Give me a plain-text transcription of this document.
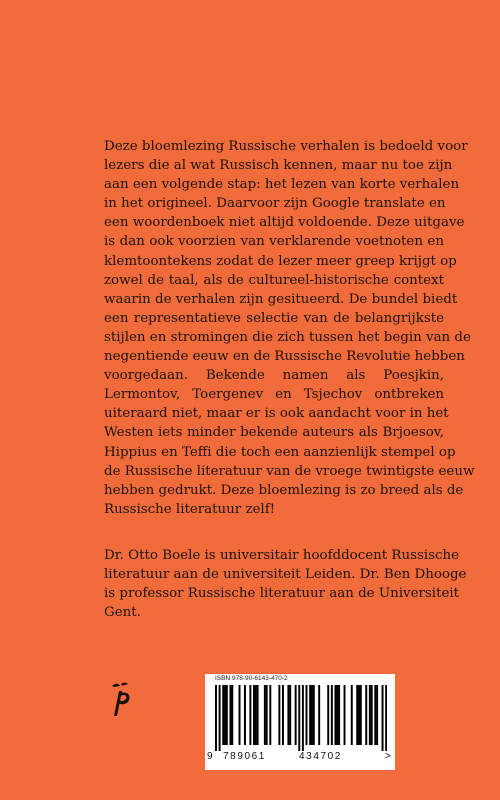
Deze bloemlezing Russische verhalen is bedoeld voor
lezers die al wat Russisch kennen, maar nu toe zijn
aan een volgende stap: het lezen van korte verhalen
in het origineel. Daarvoor zijn Google translate en
een woordenboek niet altijd voldoende. Deze uitgave
is dan ook voorzien van verklarende voetnoten en
klemtoontekens zodat de lezer meer greep krijgt op
zowel de taal, als de cultureel-historische context
waarin de verhalen zijn gesitueerd. De bundel biedt
een representatieve selectie van de belangrijkste
stijlen en stromingen die zich tussen het begin van de
negentiende eeuw en de Russische Revolutie hebben
voorgedaan. Bekende namen als Poesjkin,
Lermontov, Toergenev en Tsjechov ontbreken
uiteraard niet, maar er is ook aandacht voor in het
Westen iets minder bekende auteurs als Brjoesov,
Hippius en Teffi die toch een aanzienlijk stempel op
de Russische literatuur van de vroege twintigste eeuw
hebben gedrukt. Deze bloemlezing is zo breed als de
Russische literatuur zelf!
Dr. Otto Boele is universitair hoofddocent Russische
literatuur aan de universiteit Leiden. Dr. Ben Dhooge
is professor Russische literatuur aan de Universiteit
Gent.
ISBN 978-90-6143-470-2
9 789061	434702	>
